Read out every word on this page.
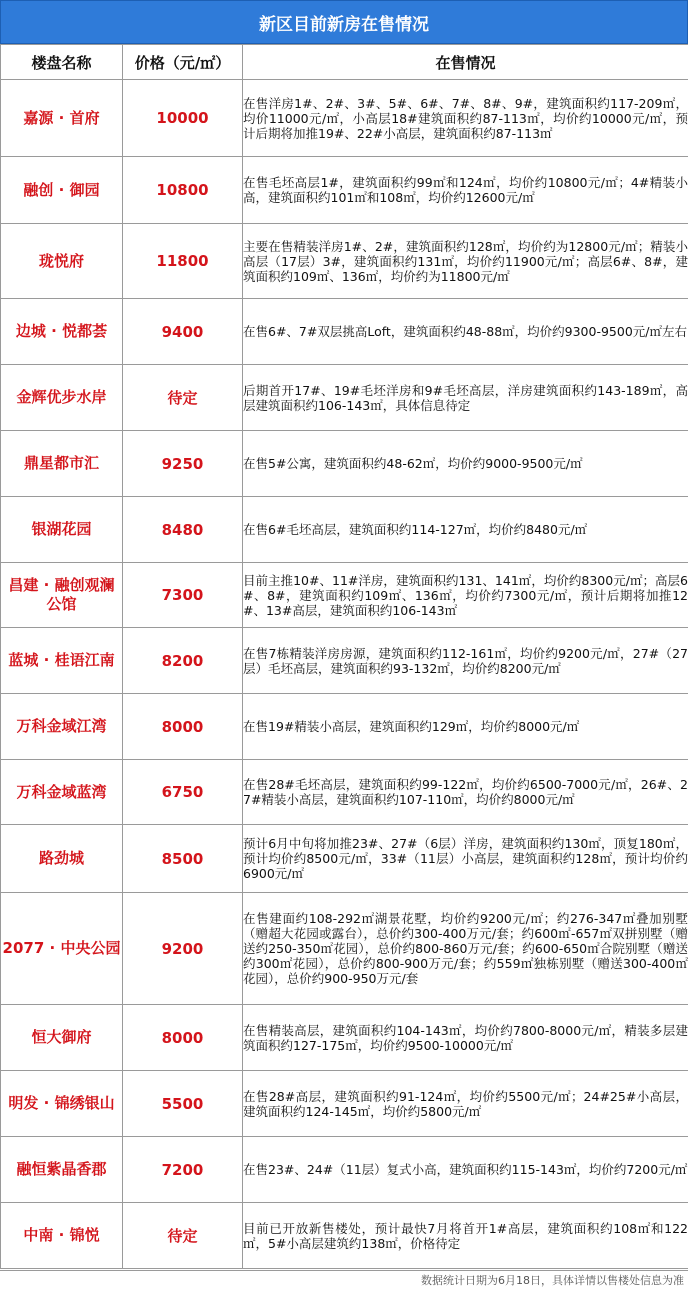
新区目前新房在售情况
楼盘名称	价格（元/㎡）	在售情况
嘉源 · 首府	10000	在售洋房1#、2#、3#、5#、6#、7#、8#、9#，建筑面积约117-209㎡，均价11000元/㎡，小高层18#建筑面积约87-113㎡，均价约10000元/㎡，预计后期将加推19#、22#小高层，建筑面积约87-113㎡
融创 · 御园	10800	在售毛坯高层1#，建筑面积约99㎡和124㎡，均价约10800元/㎡；4#精装小高，建筑面积约101㎡和108㎡，均价约12600元/㎡
珑悦府	11800	主要在售精装洋房1#、2#，建筑面积约128㎡，均价约为12800元/㎡；精装小高层（17层）3#，建筑面积约131㎡，均价约11900元/㎡；高层6#、8#，建筑面积约109㎡、136㎡，均价约为11800元/㎡
边城 · 悦都荟	9400	在售6#、7#双层挑高Loft，建筑面积约48-88㎡，均价约9300-9500元/㎡左右
金辉优步水岸	待定	后期首开17#、19#毛坯洋房和9#毛坯高层，洋房建筑面积约143-189㎡，高层建筑面积约106-143㎡，具体信息待定
鼎星都市汇	9250	在售5#公寓，建筑面积约48-62㎡，均价约9000-9500元/㎡
银湖花园	8480	在售6#毛坯高层，建筑面积约114-127㎡，均价约8480元/㎡
昌建 · 融创观澜公馆	7300	目前主推10#、11#洋房，建筑面积约131、141㎡，均价约8300元/㎡；高层6#、8#，建筑面积约109㎡、136㎡，均价约7300元/㎡，预计后期将加推12#、13#高层，建筑面积约106-143㎡
蓝城 · 桂语江南	8200	在售7栋精装洋房房源，建筑面积约112-161㎡，均价约9200元/㎡，27#（27层）毛坯高层，建筑面积约93-132㎡，均价约8200元/㎡
万科金域江湾	8000	在售19#精装小高层，建筑面积约129㎡，均价约8000元/㎡
万科金域蓝湾	6750	在售28#毛坯高层，建筑面积约99-122㎡，均价约6500-7000元/㎡，26#、27#精装小高层，建筑面积约107-110㎡，均价约8000元/㎡
路劲城	8500	预计6月中旬将加推23#、27#（6层）洋房，建筑面积约130㎡，顶复180㎡，预计均价约8500元/㎡，33#（11层）小高层，建筑面积约128㎡，预计均价约6900元/㎡
2077 · 中央公园	9200	在售建面约108-292㎡湖景花墅，均价约9200元/㎡；约276-347㎡叠加别墅（赠超大花园或露台），总价约300-400万元/套；约600㎡-657㎡双拼别墅（赠送约250-350㎡花园），总价约800-860万元/套；约600-650㎡合院别墅（赠送约300㎡花园），总价约800-900万元/套；约559㎡独栋别墅（赠送300-400㎡花园），总价约900-950万元/套
恒大御府	8000	在售精装高层，建筑面积约104-143㎡，均价约7800-8000元/㎡，精装多层建筑面积约127-175㎡，均价约9500-10000元/㎡
明发 · 锦绣银山	5500	在售28#高层，建筑面积约91-124㎡，均价约5500元/㎡；24#25#小高层，建筑面积约124-145㎡，均价约5800元/㎡
融恒紫晶香郡	7200	在售23#、24#（11层）复式小高，建筑面积约115-143㎡，均价约7200元/㎡
中南 · 锦悦	待定	目前已开放新售楼处，预计最快7月将首开1#高层，建筑面积约108㎡和122㎡，5#小高层建筑约138㎡，价格待定
数据统计日期为6月18日，具体详情以售楼处信息为准
